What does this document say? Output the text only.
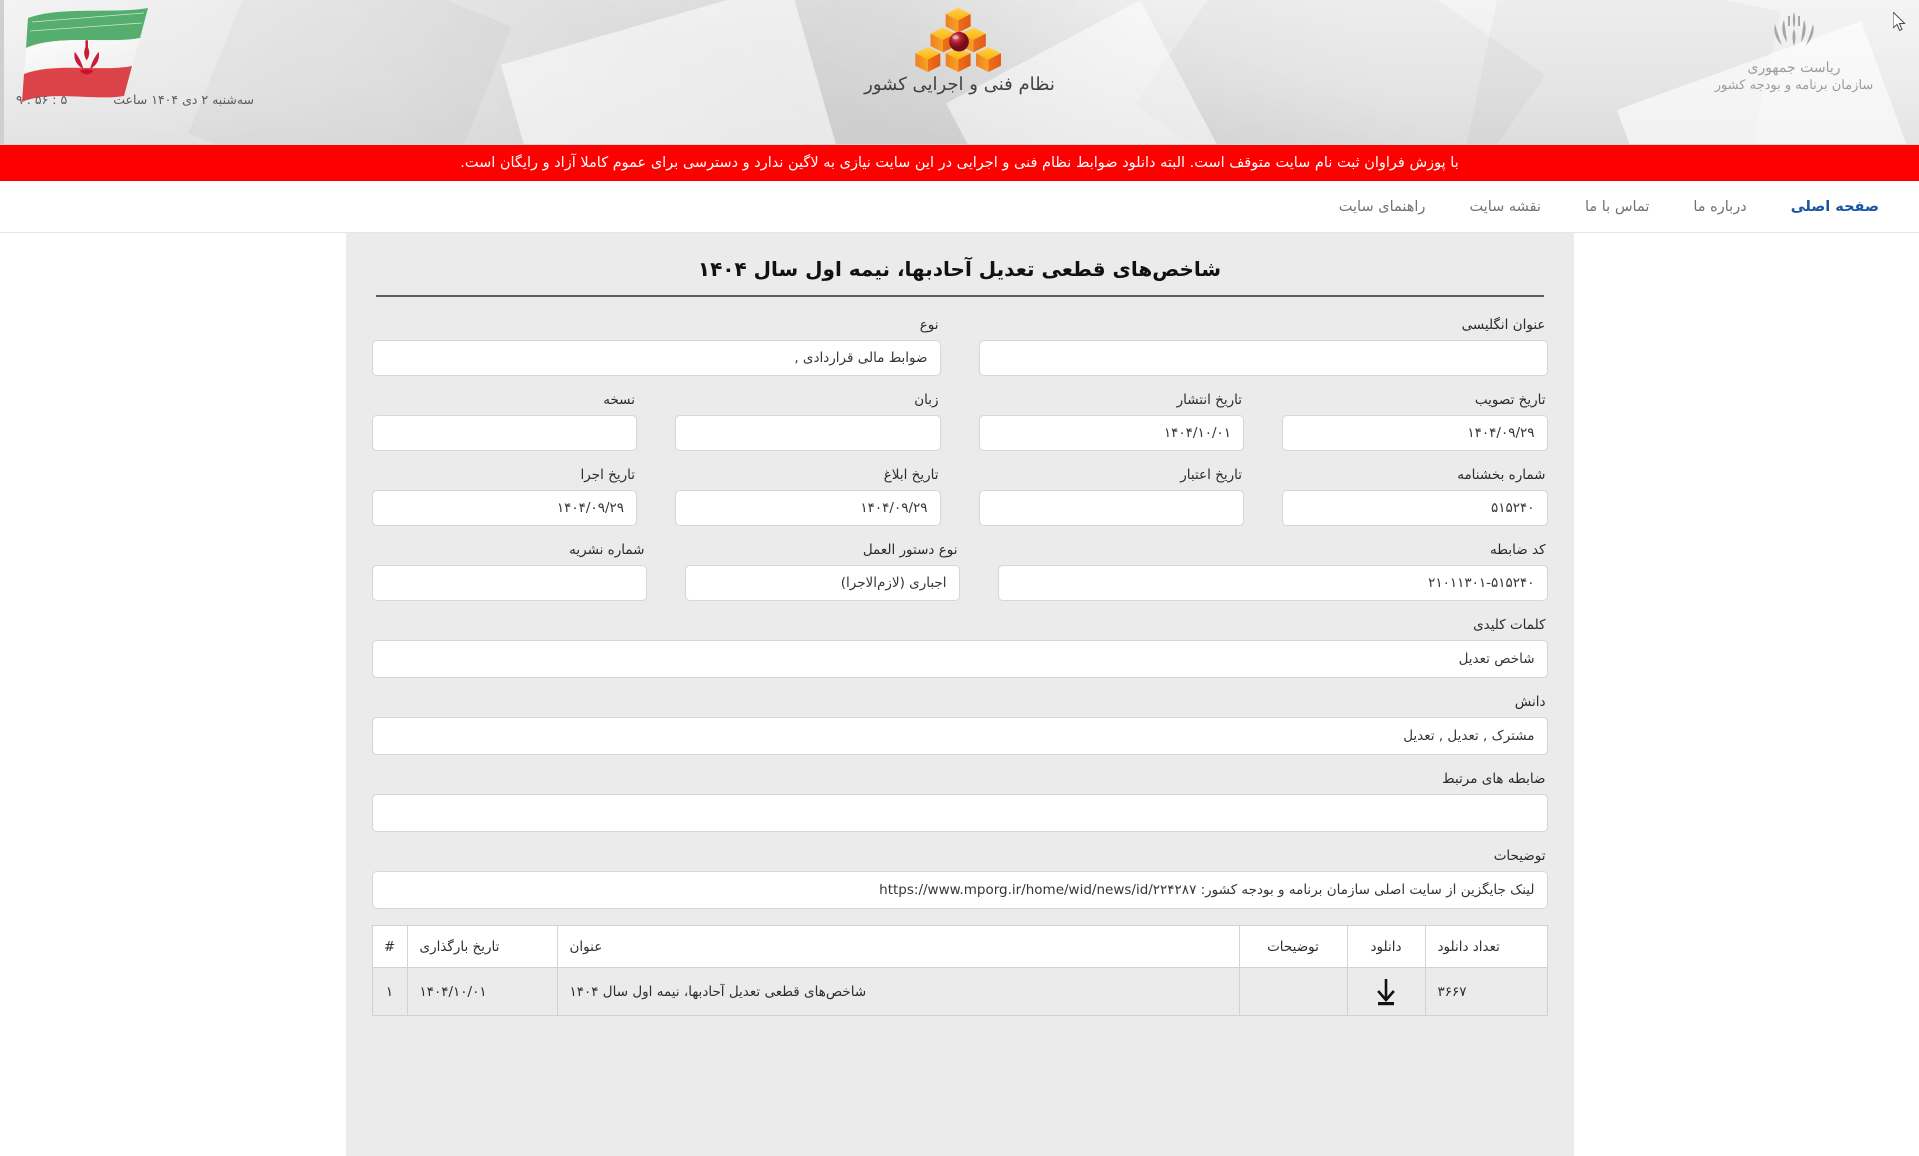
سه‌شنبه ۲ دی ۱۴۰۴ ساعت
۵ : ۵۶ : ۹
نظام فنی و اجرایی کشور
ریاست جمهوری
سازمان برنامه و بودجه کشور
با پوزش فراوان ثبت نام سایت متوقف است. البته دانلود ضوابط نظام فنی و اجرایی در این سایت نیازی به لاگین ندارد و دسترسی برای عموم کاملا آزاد و رایگان است.
صفحه اصلی
درباره ما
تماس با ما
نقشه سایت
راهنمای سایت
شاخص‌های قطعی تعدیل آحادبها، نیمه اول سال ۱۴۰۴
عنوان انگلیسی
نوع
ضوابط مالی قراردادی ,
تاریخ تصویب
۱۴۰۴/۰۹/۲۹
تاریخ انتشار
۱۴۰۴/۱۰/۰۱
زبان
نسخه
شماره بخشنامه
۵۱۵۲۴۰
تاریخ اعتبار
تاریخ ابلاغ
۱۴۰۴/۰۹/۲۹
تاریخ اجرا
۱۴۰۴/۰۹/۲۹
کد ضابطه
۲۱۰۱۱۳۰۱-۵۱۵۲۴۰
نوع دستور العمل
اجباری (لازم‌الاجرا)
شماره نشریه
کلمات کلیدی
شاخص تعدیل
دانش
مشترک , تعدیل , تعدیل
ضابطه های مرتبط
توضیحات
لینک جایگزین از سایت اصلی سازمان برنامه و بودجه کشور: https://www.mporg.ir/home/wid/news/id/۲۲۴۲۸۷
تعداد دانلود
دانلود
توضیحات
عنوان
تاریخ بارگذاری
#
۳۶۶۷
شاخص‌های قطعی تعدیل آحادبها، نیمه اول سال ۱۴۰۴
۱۴۰۴/۱۰/۰۱
۱
